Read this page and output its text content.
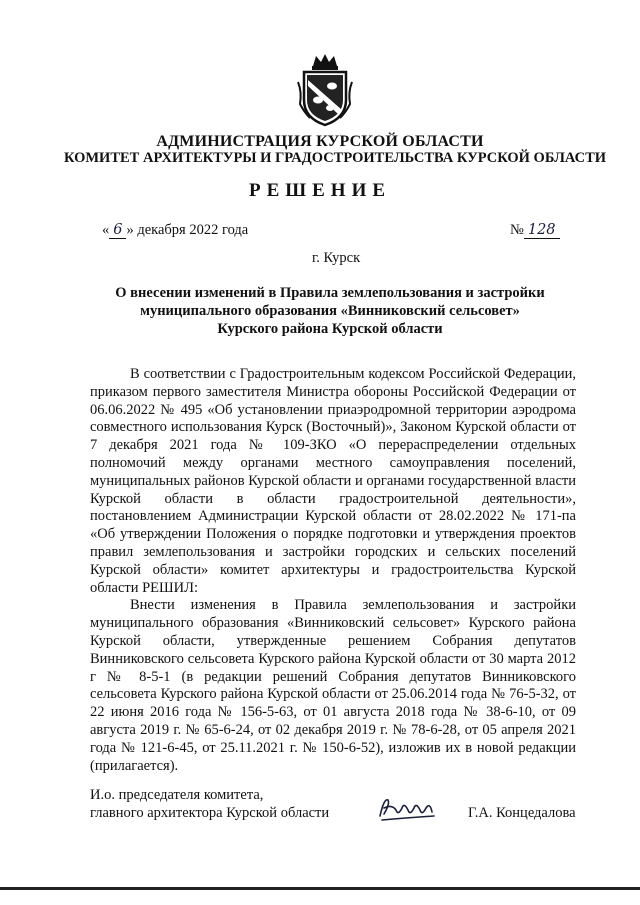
АДМИНИСТРАЦИЯ КУРСКОЙ ОБЛАСТИ
КОМИТЕТ АРХИТЕКТУРЫ И ГРАДОСТРОИТЕЛЬСТВА КУРСКОЙ ОБЛАСТИ
РЕШЕНИЕ
« 6 » декабря 2022 года	№ 128
г. Курск
О внесении изменений в Правила землепользования и застройки
муниципального образования «Винниковский сельсовет»
Курского района Курской области

В соответствии с Градостроительным кодексом Российской Федерации, приказом первого заместителя Министра обороны Российской Федерации от 06.06.2022 № 495 «Об установлении приаэродромной территории аэродрома совместного использования Курск (Восточный)», Законом Курской области от 7 декабря 2021 года № 109-ЗКО «О перераспределении отдельных полномочий между органами местного самоуправления поселений, муниципальных районов Курской области и органами государственной власти Курской области в области градостроительной деятельности», постановлением Администрации Курской области от 28.02.2022 № 171-па «Об утверждении Положения о порядке подготовки и утверждения проектов правил землепользования и застройки городских и сельских поселений Курской области» комитет архитектуры и градостроительства Курской области РЕШИЛ:

Внести изменения в Правила землепользования и застройки муниципального образования «Винниковский сельсовет» Курского района Курской области, утвержденные решением Собрания депутатов Винниковского сельсовета Курского района Курской области от 30 марта 2012 г № 8-5-1 (в редакции решений Собрания депутатов Винниковского сельсовета Курского района Курской области от 25.06.2014 года № 76-5-32, от 22 июня 2016 года № 156-5-63, от 01 августа 2018 года № 38-6-10, от 09 августа 2019 г. № 65-6-24, от 02 декабря 2019 г. № 78-6-28, от 05 апреля 2021 года № 121-6-45, от 25.11.2021 г. № 150-6-52), изложив их в новой редакции (прилагается).

И.о. председателя комитета,
главного архитектора Курской области	Г.А. Концедалова
